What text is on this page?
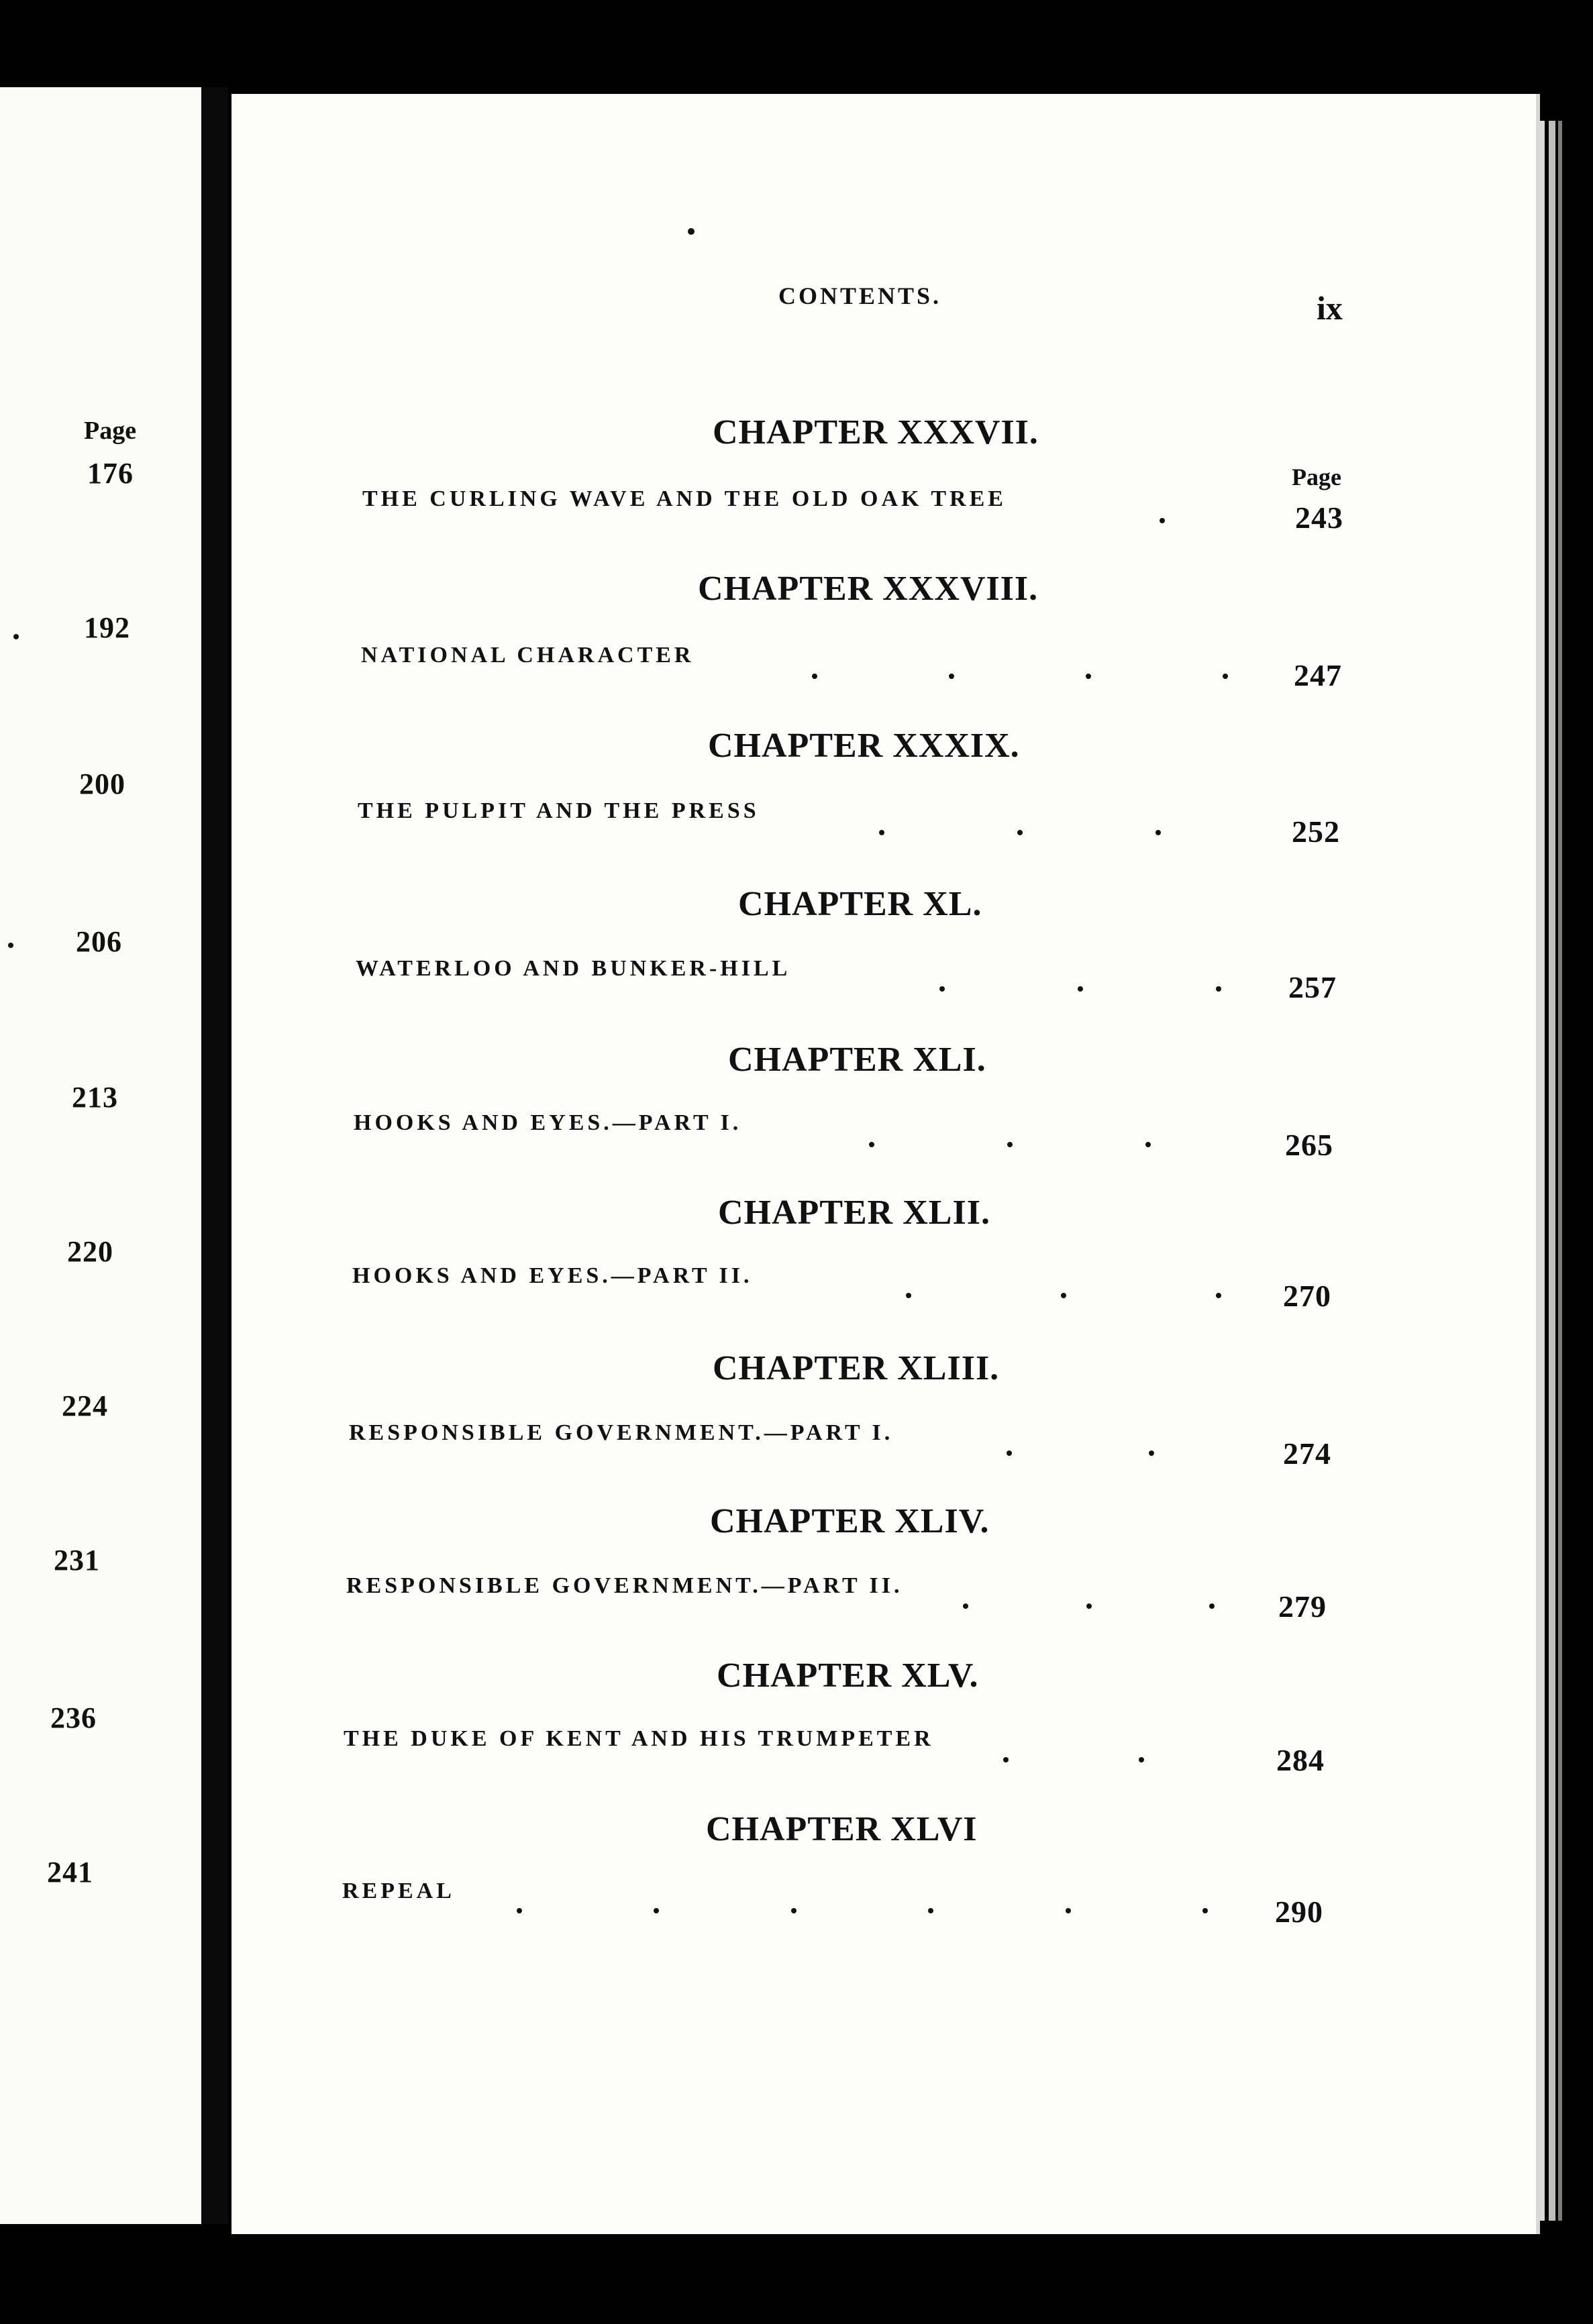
Page
176
192
200
206
213
220
224
231
236
241
CONTENTS.	ix
Page
CHAPTER XXXVII.
THE CURLING WAVE AND THE OLD OAK TREE
243
CHAPTER XXXVIII.
NATIONAL CHARACTER
247
CHAPTER XXXIX.
THE PULPIT AND THE PRESS
252
CHAPTER XL.
WATERLOO AND BUNKER-HILL
257
CHAPTER XLI.
HOOKS AND EYES.—PART I.
265
CHAPTER XLII.
HOOKS AND EYES.—PART II.
270
CHAPTER XLIII.
RESPONSIBLE GOVERNMENT.—PART I.
274
CHAPTER XLIV.
RESPONSIBLE GOVERNMENT.—PART II.
279
CHAPTER XLV.
THE DUKE OF KENT AND HIS TRUMPETER
284
CHAPTER XLVI
REPEAL
290
